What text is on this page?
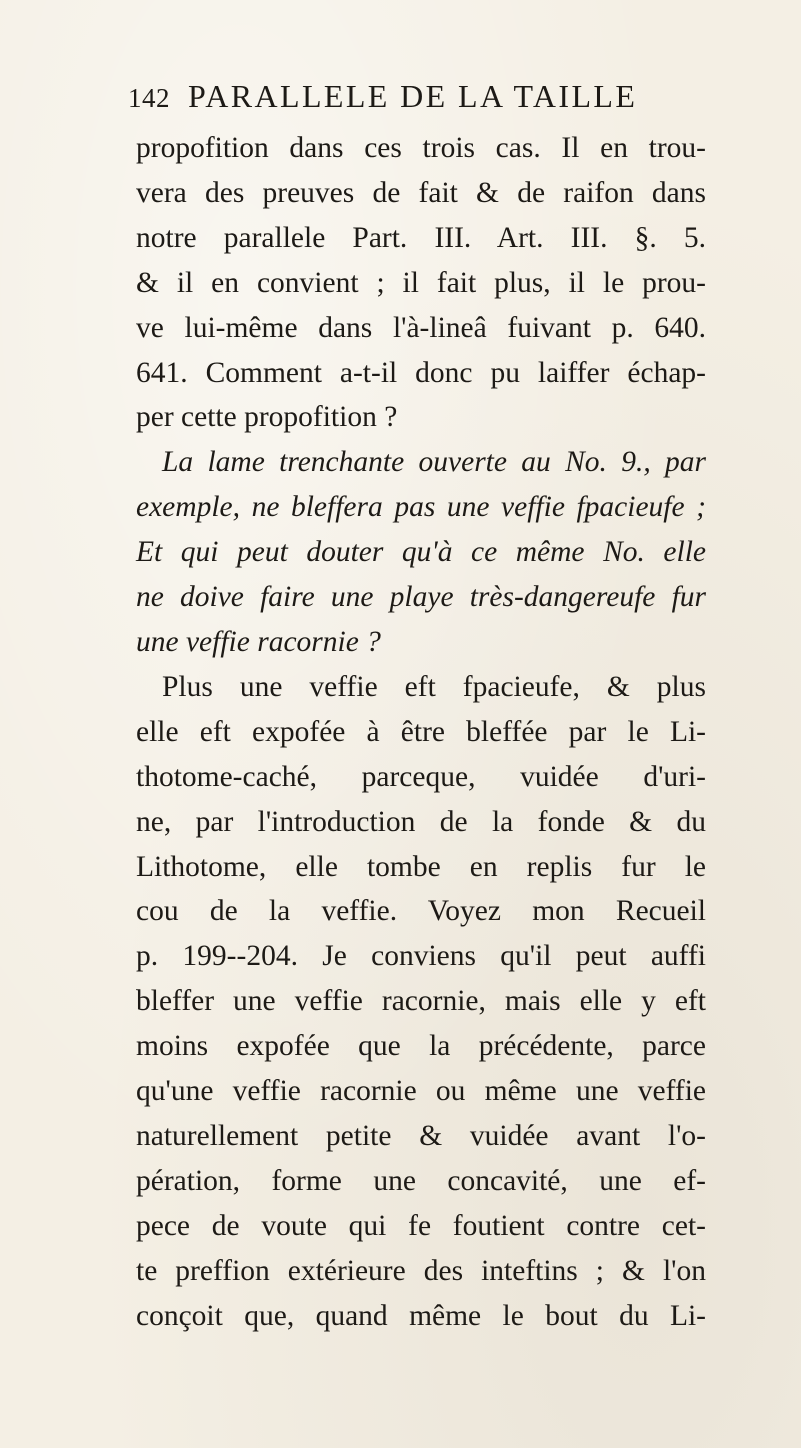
142 PARALLELE DE LA TAILLE
propofition dans ces trois cas. Il en trou-
vera des preuves de fait & de raifon dans
notre parallele Part. III. Art. III. §. 5.
& il en convient ; il fait plus, il le prou-
ve lui-même dans l'à-lineâ fuivant p. 640.
641. Comment a-t-il donc pu laiffer échap-
per cette propofition ?
La lame trenchante ouverte au No. 9., par
exemple, ne bleffera pas une veffie fpacieufe ;
Et qui peut douter qu'à ce même No. elle
ne doive faire une playe très-dangereufe fur
une veffie racornie ?
Plus une veffie eft fpacieufe, & plus
elle eft expofée à être bleffée par le Li-
thotome-caché, parceque, vuidée d'uri-
ne, par l'introduction de la fonde & du
Lithotome, elle tombe en replis fur le
cou de la veffie. Voyez mon Recueil
p. 199--204. Je conviens qu'il peut auffi
bleffer une veffie racornie, mais elle y eft
moins expofée que la précédente, parce
qu'une veffie racornie ou même une veffie
naturellement petite & vuidée avant l'o-
pération, forme une concavité, une ef-
pece de voute qui fe foutient contre cet-
te preffion extérieure des inteftins ; & l'on
conçoit que, quand même le bout du Li-
